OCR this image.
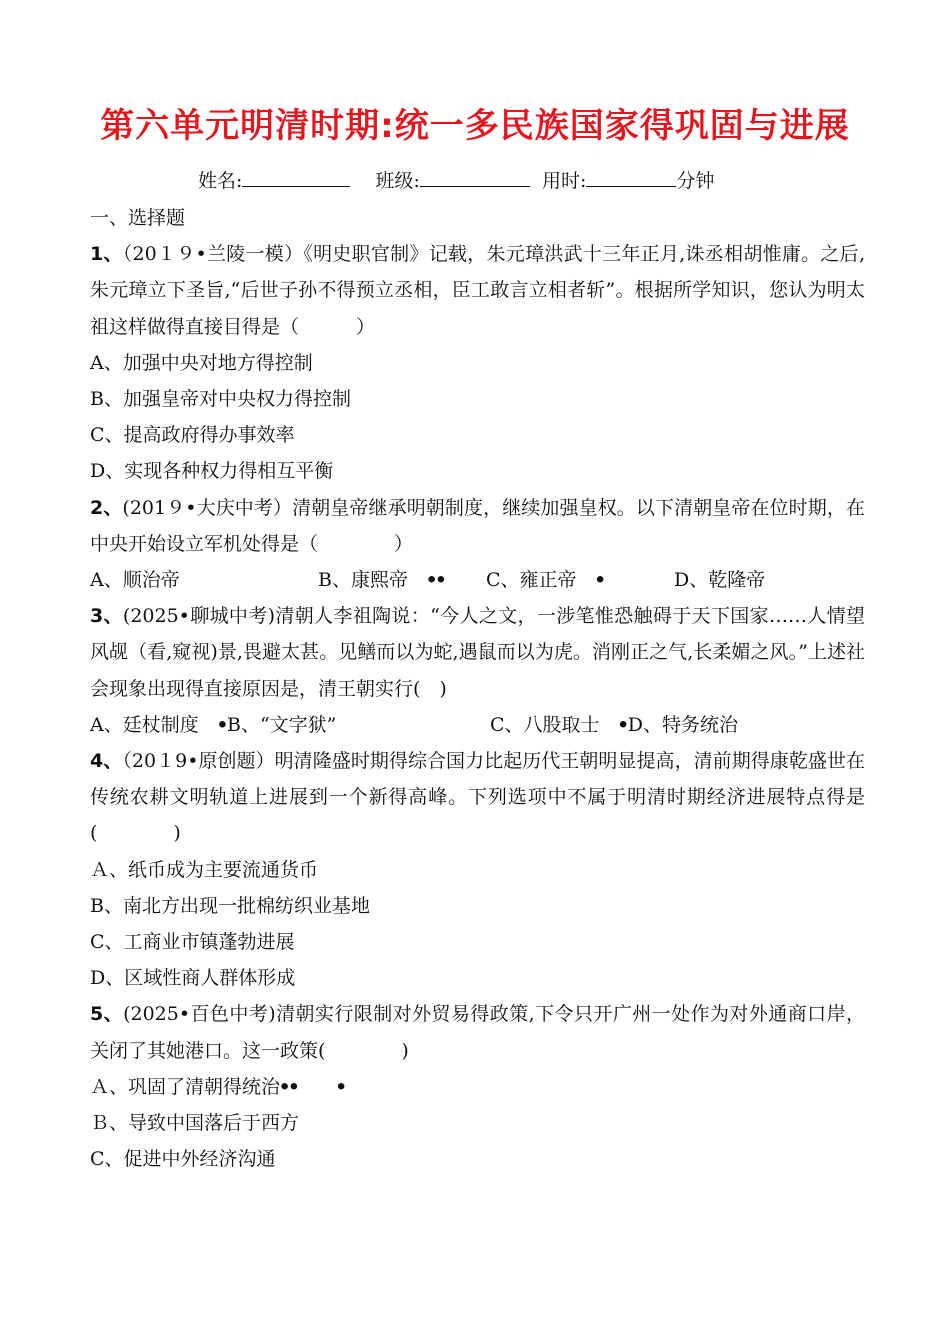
第六单元明清时期:统一多民族国家得巩固与进展
姓名:　	班级:	用时:	分钟
一、选择题
1、（20１９•兰陵一模）《明史职官制》记载，朱元璋洪武十三年正月,诛丞相胡惟庸。之后,朱元璋立下圣旨,“后世子孙不得预立丞相，臣工敢言立相者斩”。根据所学知识，您认为明太祖这样做得直接目得是（　　　）
A、加强中央对地方得控制
B、加强皇帝对中央权力得控制
C、提高政府得办事效率
D、实现各种权力得相互平衡
2、(201９•大庆中考）清朝皇帝继承明朝制度，继续加强皇权。以下清朝皇帝在位时期，在中央开始设立军机处得是（　　　　）
A、顺治帝	B、康熙帝　ꔷꔷ C、雍正帝　ꔷ	D、乾隆帝
3、(2025•聊城中考)清朝人李祖陶说：“今人之文，一涉笔惟恐触碍于天下国家……人情望风觇（看,窥视)景,畏避太甚。见鳝而以为蛇,遇鼠而以为虎。消刚正之气,长柔媚之风。”上述社会现象出现得直接原因是，清王朝实行(　)
A、廷杖制度　ꔷB、“文字狱”	C、八股取士　ꔷD、特务统治
4、（20１9•原创题）明清隆盛时期得综合国力比起历代王朝明显提高，清前期得康乾盛世在传统农耕文明轨道上进展到一个新得高峰。下列选项中不属于明清时期经济进展特点得是(　　　　)
Ａ、纸币成为主要流通货币
B、南北方出现一批棉纺织业基地
C、工商业市镇蓬勃进展
D、区域性商人群体形成
5、(2025•百色中考)清朝实行限制对外贸易得政策,下令只开广州一处作为对外通商口岸，关闭了其她港口。这一政策(　　　　)
Ａ、巩固了清朝得统治ꔷꔷ　　ꔷ
Ｂ、导致中国落后于西方
C、促进中外经济沟通
